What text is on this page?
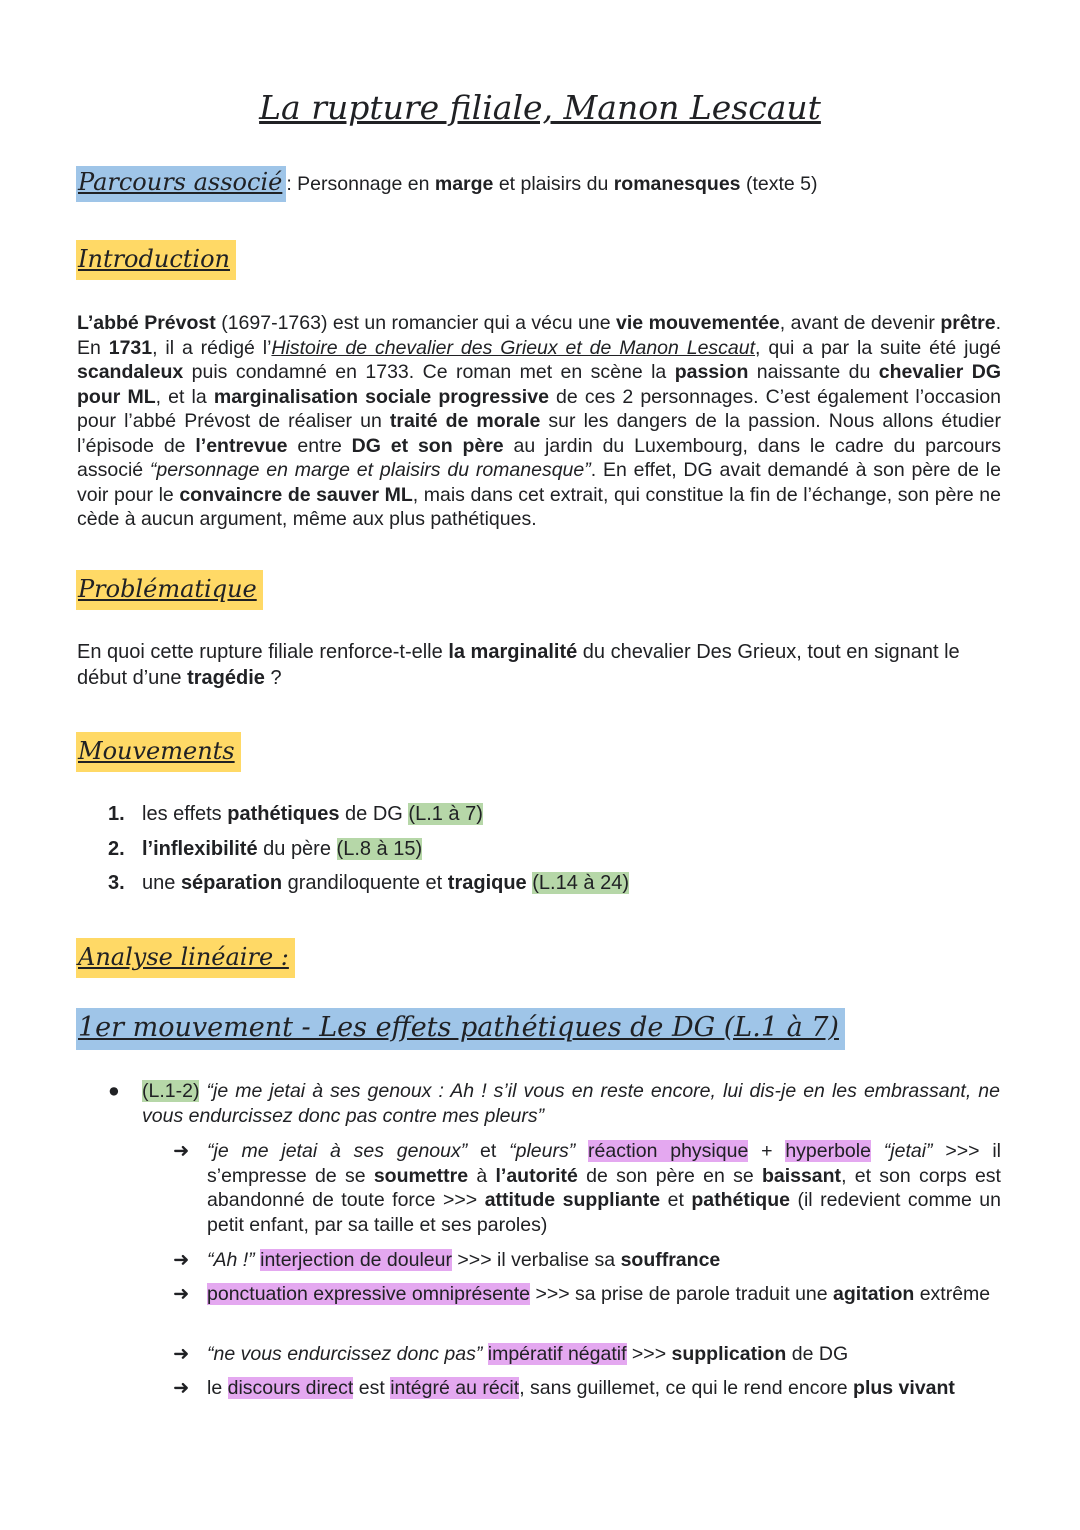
La rupture filiale, Manon Lescaut
Parcours associé : Personnage en marge et plaisirs du romanesques (texte 5)
Introduction
L’abbé Prévost (1697-1763) est un romancier qui a vécu une vie mouvementée, avant de devenir prêtre. En 1731, il a rédigé l’Histoire de chevalier des Grieux et de Manon Lescaut, qui a par la suite été jugé scandaleux puis condamné en 1733. Ce roman met en scène la passion naissante du chevalier DG pour ML, et la marginalisation sociale progressive de ces 2 personnages. C’est également l’occasion pour l’abbé Prévost de réaliser un traité de morale sur les dangers de la passion. Nous allons étudier l’épisode de l’entrevue entre DG et son père au jardin du Luxembourg, dans le cadre du parcours associé “personnage en marge et plaisirs du romanesque”. En effet, DG avait demandé à son père de le voir pour le convaincre de sauver ML, mais dans cet extrait, qui constitue la fin de l’échange, son père ne cède à aucun argument, même aux plus pathétiques.
Problématique
En quoi cette rupture filiale renforce-t-elle la marginalité du chevalier Des Grieux, tout en signant le début d’une tragédie ?
Mouvements
1. les effets pathétiques de DG (L.1 à 7)
2. l’inflexibilité du père (L.8 à 15)
3. une séparation grandiloquente et tragique (L.14 à 24)
Analyse linéaire :
1er mouvement - Les effets pathétiques de DG (L.1 à 7)
●	(L.1-2) “je me jetai à ses genoux : Ah ! s’il vous en reste encore, lui dis-je en les embrassant, ne vous endurcissez donc pas contre mes pleurs”
➜ “je me jetai à ses genoux” et “pleurs” réaction physique + hyperbole “jetai” >>> il s’empresse de se soumettre à l’autorité de son père en se baissant, et son corps est abandonné de toute force >>> attitude suppliante et pathétique (il redevient comme un petit enfant, par sa taille et ses paroles)
➜ “Ah !” interjection de douleur >>> il verbalise sa souffrance
➜ ponctuation expressive omniprésente >>> sa prise de parole traduit une agitation extrême
➜ “ne vous endurcissez donc pas” impératif négatif >>> supplication de DG
➜ le discours direct est intégré au récit, sans guillemet, ce qui le rend encore plus vivant
